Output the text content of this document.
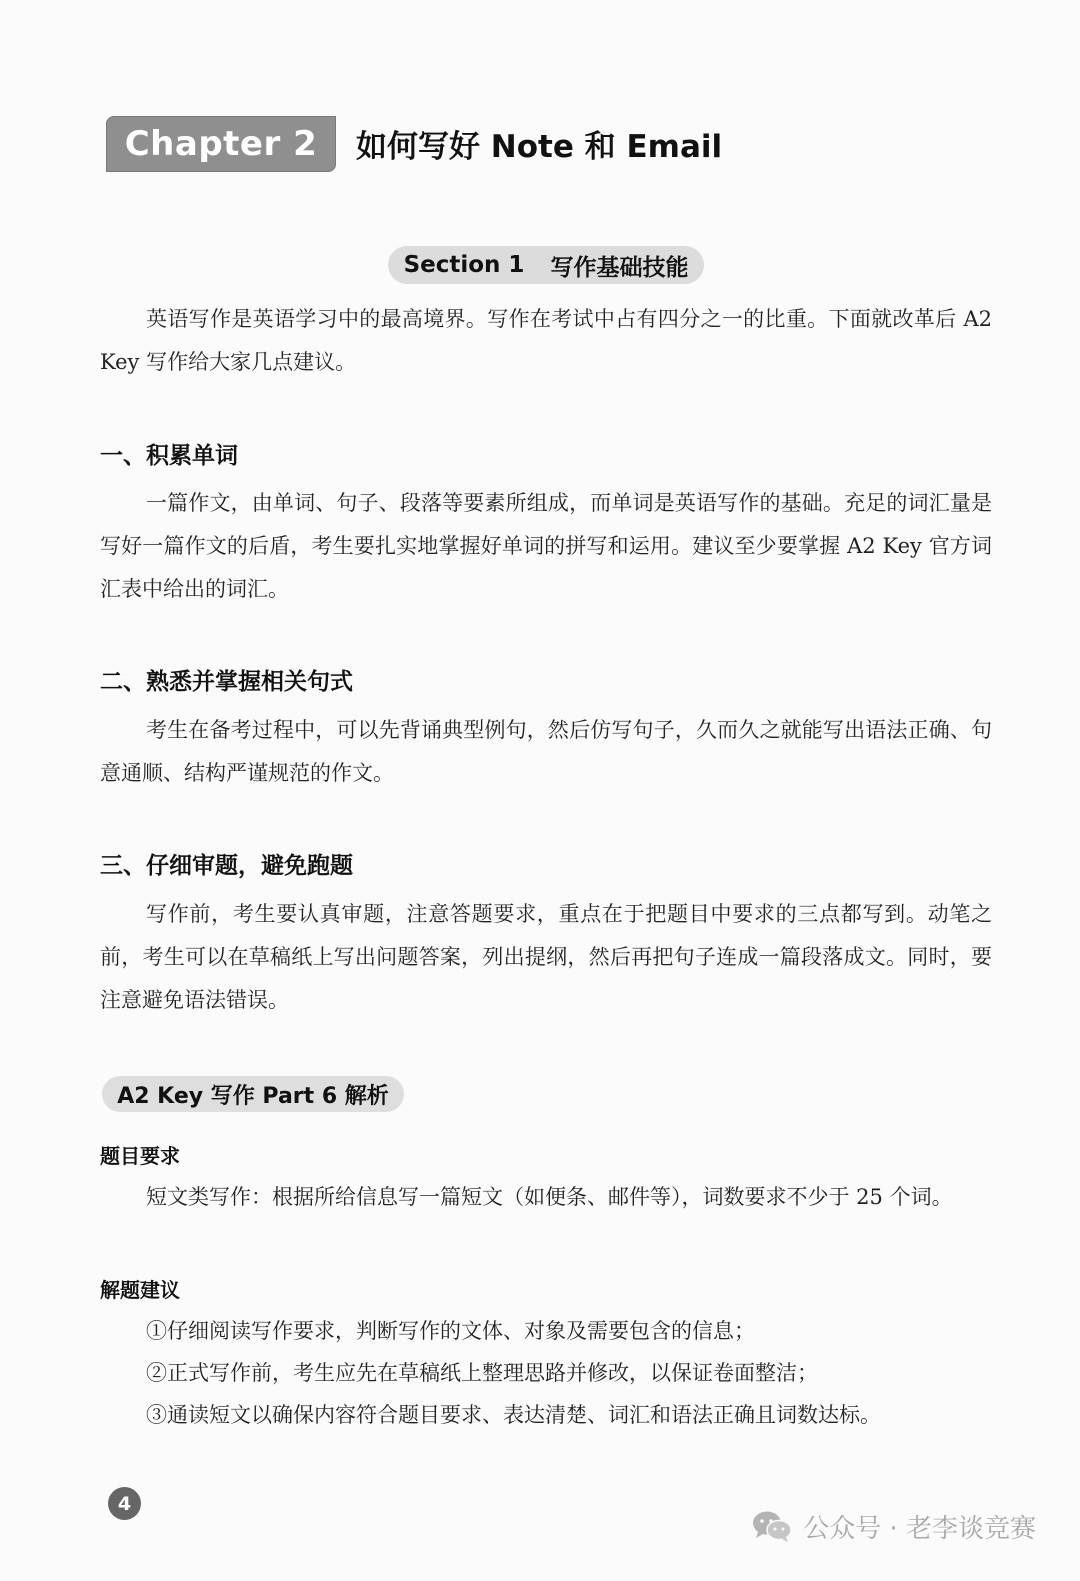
Chapter 2	如何写好 Note 和 Email
Section 1 写作基础技能

英语写作是英语学习中的最高境界。写作在考试中占有四分之一的比重。下面就改革后 A2 Key 写作给大家几点建议。

一、积累单词

一篇作文，由单词、句子、段落等要素所组成，而单词是英语写作的基础。充足的词汇量是写好一篇作文的后盾，考生要扎实地掌握好单词的拼写和运用。建议至少要掌握 A2 Key 官方词汇表中给出的词汇。

二、熟悉并掌握相关句式

考生在备考过程中，可以先背诵典型例句，然后仿写句子，久而久之就能写出语法正确、句意通顺、结构严谨规范的作文。

三、仔细审题，避免跑题

写作前，考生要认真审题，注意答题要求，重点在于把题目中要求的三点都写到。动笔之前，考生可以在草稿纸上写出问题答案，列出提纲，然后再把句子连成一篇段落成文。同时，要注意避免语法错误。

A2 Key 写作 Part 6 解析
题目要求

短文类写作：根据所给信息写一篇短文（如便条、邮件等），词数要求不少于 25 个词。

解题建议
①仔细阅读写作要求，判断写作的文体、对象及需要包含的信息；
②正式写作前，考生应先在草稿纸上整理思路并修改，以保证卷面整洁；
③通读短文以确保内容符合题目要求、表达清楚、词汇和语法正确且词数达标。
4
公众号 · 老李谈竞赛
